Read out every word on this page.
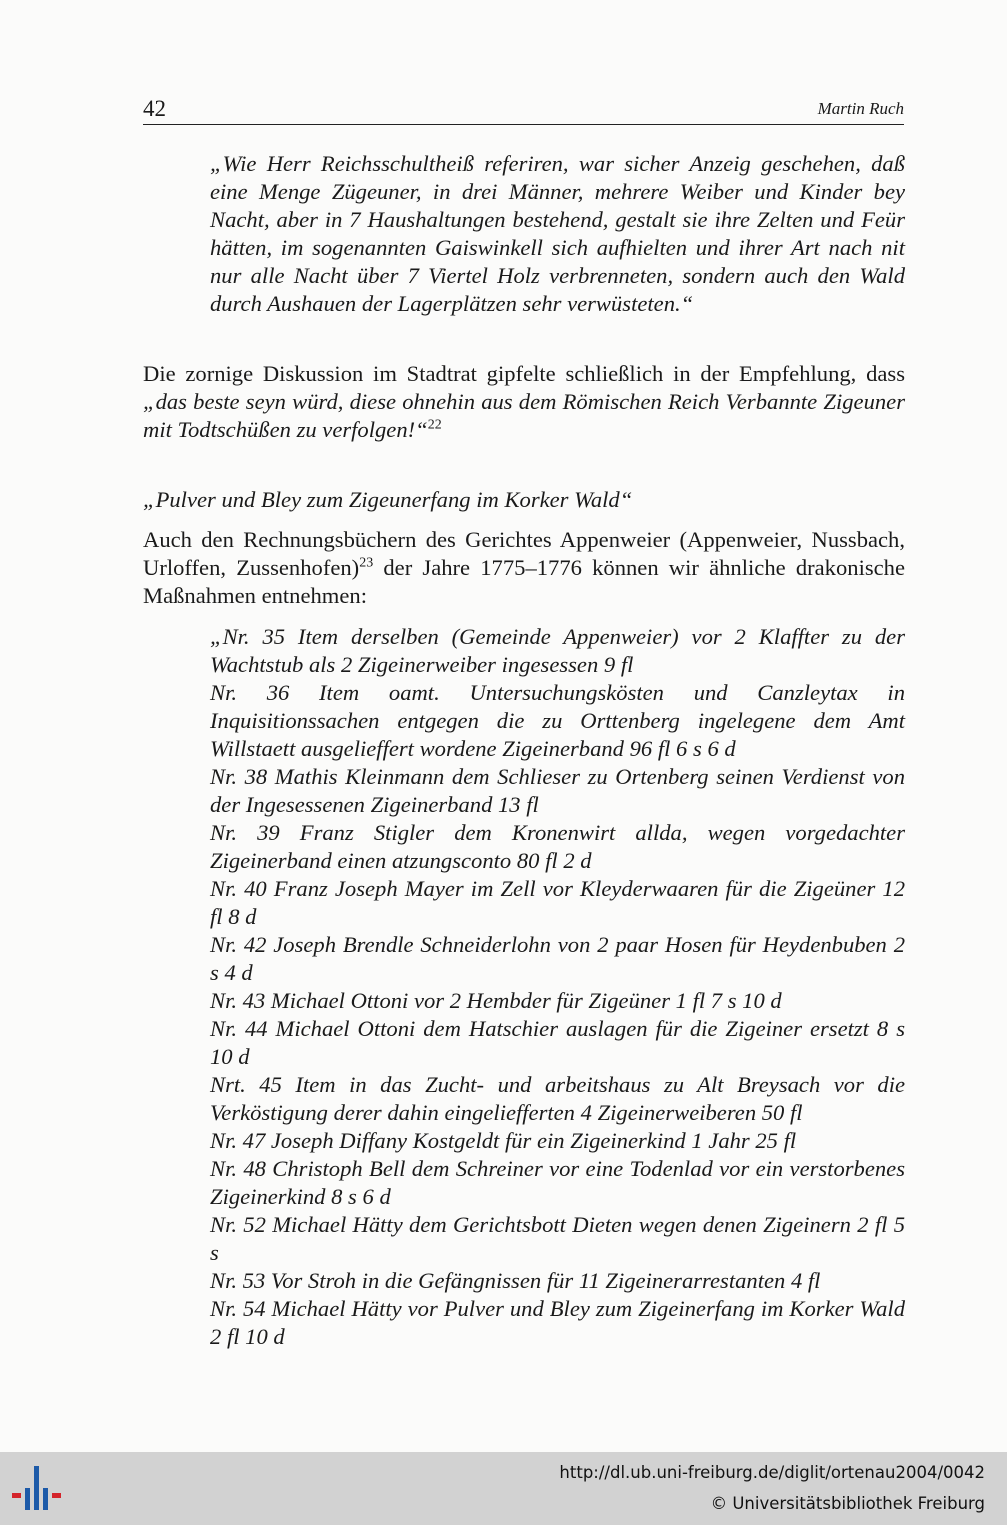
42	Martin Ruch

„Wie Herr Reichsschultheiß referiren, war sicher Anzeig geschehen, daß eine Menge Zügeuner, in drei Männer, mehrere Weiber und Kinder bey Nacht, aber in 7 Haushaltungen bestehend, gestalt sie ihre Zelten und Feür hätten, im sogenannten Gaiswinkell sich aufhielten und ihrer Art nach nit nur alle Nacht über 7 Viertel Holz verbrenneten, sondern auch den Wald durch Aushauen der Lagerplätzen sehr verwüsteten.“

Die zornige Diskussion im Stadtrat gipfelte schließlich in der Empfehlung, dass „das beste seyn würd, diese ohnehin aus dem Römischen Reich Verbannte Zigeuner mit Todtschüßen zu verfolgen!“$^{22}$
„Pulver und Bley zum Zigeunerfang im Korker Wald“
Auch den Rechnungsbüchern des Gerichtes Appenweier (Appenweier, Nussbach, Urloffen, Zussenhofen)$^{23}$ der Jahre 1775–1776 können wir ähnliche drakonische Maßnahmen entnehmen:

„Nr. 35 Item derselben (Gemeinde Appenweier) vor 2 Klaffter zu der Wachtstub als 2 Zigeinerweiber ingesessen 9 fl

Nr. 36 Item oamt. Untersuchungskösten und Canzleytax in Inquisitionssachen entgegen die zu Orttenberg ingelegene dem Amt Willstaett ausgelieffert wordene Zigeinerband 96 fl 6 s 6 d

Nr. 38 Mathis Kleinmann dem Schlieser zu Ortenberg seinen Verdienst von der Ingesessenen Zigeinerband 13 fl

Nr. 39 Franz Stigler dem Kronenwirt allda, wegen vorgedachter Zigeinerband einen atzungsconto 80 fl 2 d

Nr. 40 Franz Joseph Mayer im Zell vor Kleyderwaaren für die Zigeüner 12 fl 8 d

Nr. 42 Joseph Brendle Schneiderlohn von 2 paar Hosen für Heydenbuben 2 s 4 d

Nr. 43 Michael Ottoni vor 2 Hembder für Zigeüner 1 fl 7 s 10 d

Nr. 44 Michael Ottoni dem Hatschier auslagen für die Zigeiner ersetzt 8 s 10 d

Nrt. 45 Item in das Zucht- und arbeitshaus zu Alt Breysach vor die Verköstigung derer dahin eingeliefferten 4 Zigeinerweiberen 50 fl

Nr. 47 Joseph Diffany Kostgeldt für ein Zigeinerkind 1 Jahr 25 fl

Nr. 48 Christoph Bell dem Schreiner vor eine Todenlad vor ein verstorbenes Zigeinerkind 8 s 6 d

Nr. 52 Michael Hätty dem Gerichtsbott Dieten wegen denen Zigeinern 2 fl 5 s

Nr. 53 Vor Stroh in die Gefängnissen für 11 Zigeinerarrestanten 4 fl

Nr. 54 Michael Hätty vor Pulver und Bley zum Zigeinerfang im Korker Wald 2 fl 10 d

http://dl.ub.uni-freiburg.de/diglit/ortenau2004/0042
© Universitätsbibliothek Freiburg
